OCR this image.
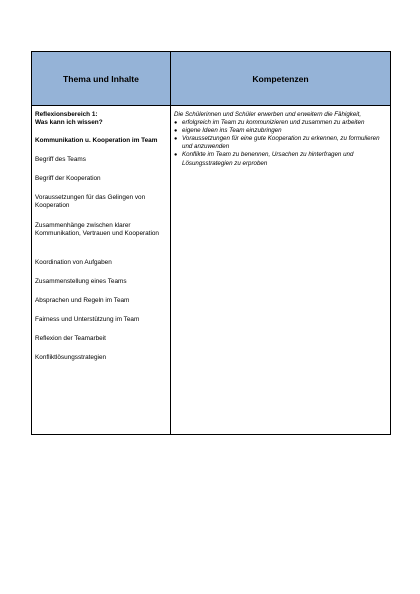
Thema und Inhalte	Kompetenzen
Reflexionsbereich 1:
Was kann ich wissen?
Kommunikation u. Kooperation im Team
Begriff des Teams
Begriff der Kooperation
Voraussetzungen für das Gelingen von Kooperation
Zusammenhänge zwischen klarer Kommunikation, Vertrauen und Kooperation
Koordination von Aufgaben
Zusammenstellung eines Teams
Absprachen und Regeln im Team
Fairness und Unterstützung im Team
Reflexion der Teamarbeit
Konfliktlösungsstrategien
Die Schülerinnen und Schüler erwerben und erweitern die Fähigkeit,
● erfolgreich im Team zu kommunizieren und zusammen zu arbeiten
● eigene Ideen ins Team einzubringen
● Voraussetzungen für eine gute Kooperation zu erkennen, zu formulieren und anzuwenden
● Konflikte im Team zu benennen, Ursachen zu hinterfragen und Lösungsstrategien zu erproben
